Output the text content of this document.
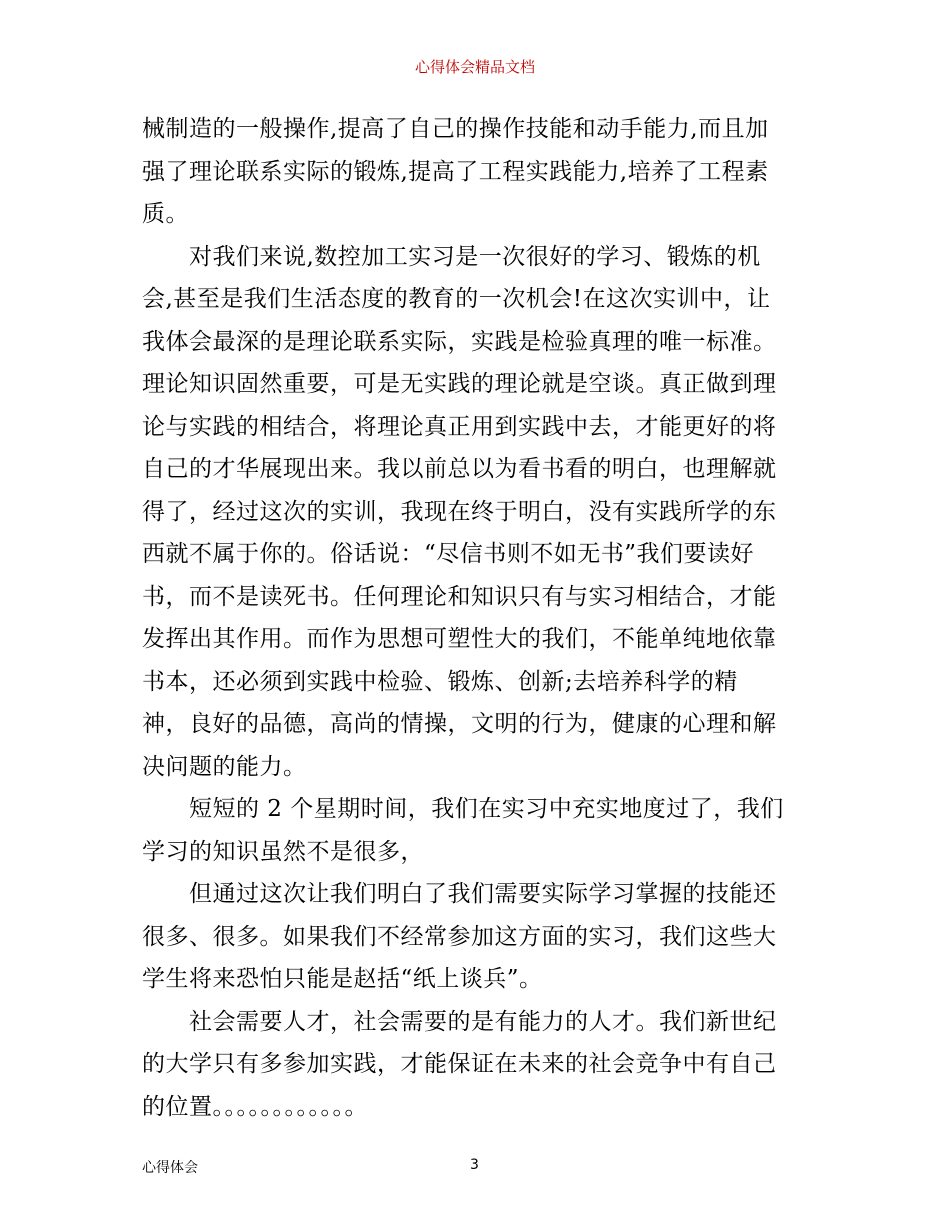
心得体会精品文档
械制造的一般操作,提高了自己的操作技能和动手能力,而且加
强了理论联系实际的锻炼,提高了工程实践能力,培养了工程素
质。
　　对我们来说,数控加工实习是一次很好的学习、锻炼的机
会,甚至是我们生活态度的教育的一次机会!在这次实训中，让
我体会最深的是理论联系实际，实践是检验真理的唯一标准。
理论知识固然重要，可是无实践的理论就是空谈。真正做到理
论与实践的相结合，将理论真正用到实践中去，才能更好的将
自己的才华展现出来。我以前总以为看书看的明白，也理解就
得了，经过这次的实训，我现在终于明白，没有实践所学的东
西就不属于你的。俗话说：“尽信书则不如无书”我们要读好
书，而不是读死书。任何理论和知识只有与实习相结合，才能
发挥出其作用。而作为思想可塑性大的我们，不能单纯地依靠
书本，还必须到实践中检验、锻炼、创新;去培养科学的精
神，良好的品德，高尚的情操，文明的行为，健康的心理和解
决问题的能力。
　　短短的 2 个星期时间，我们在实习中充实地度过了，我们
学习的知识虽然不是很多，
　　但通过这次让我们明白了我们需要实际学习掌握的技能还
很多、很多。如果我们不经常参加这方面的实习，我们这些大
学生将来恐怕只能是赵括“纸上谈兵”。
　　社会需要人才，社会需要的是有能力的人才。我们新世纪
的大学只有多参加实践，才能保证在未来的社会竞争中有自己
的位置。。。。。。。。。。。。
心得体会	3
